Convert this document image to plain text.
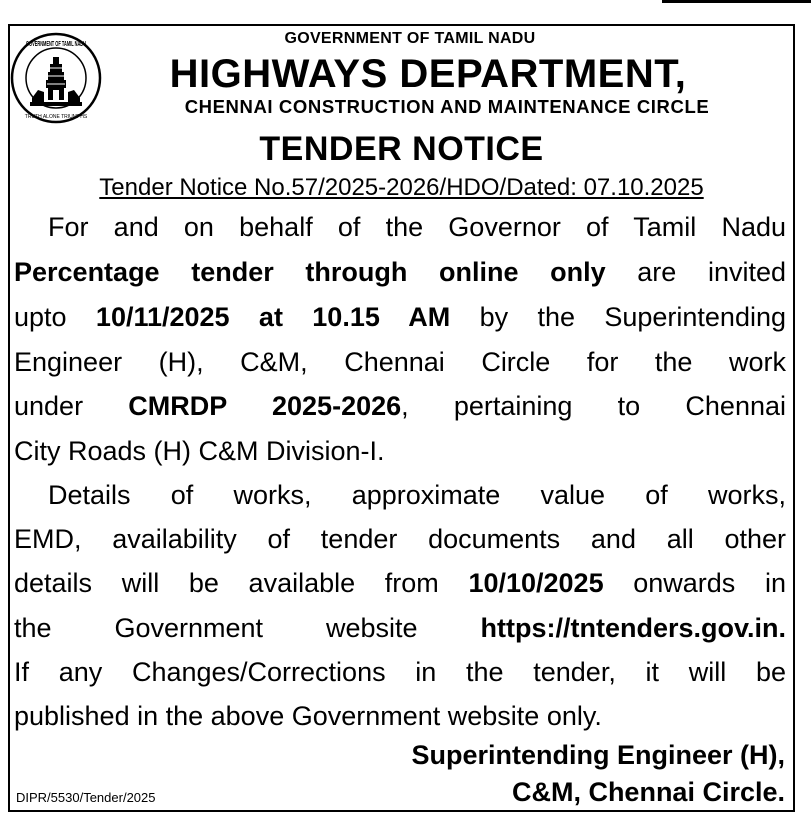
GOVERNMENT OF TAMIL NADU
TRUTH ALONE TRIUMPHS
GOVERNMENT OF TAMIL NADU
HIGHWAYS DEPARTMENT,
CHENNAI CONSTRUCTION AND MAINTENANCE CIRCLE
TENDER NOTICE
Tender Notice No.57/2025-2026/HDO/Dated: 07.10.2025
For and on behalf of the Governor of Tamil Nadu
Percentage tender through online only are invited
upto 10/11/2025 at 10.15 AM by the Superintending
Engineer (H), C&M, Chennai Circle for the work
under CMRDP 2025-2026, pertaining to Chennai
City Roads (H) C&M Division-I.
Details of works, approximate value of works,
EMD, availability of tender documents and all other
details will be available from 10/10/2025 onwards in
the Government website https://tntenders.gov.in.
If any Changes/Corrections in the tender, it will be
published in the above Government website only.
Superintending Engineer (H),
C&M, Chennai Circle.
DIPR/5530/Tender/2025
